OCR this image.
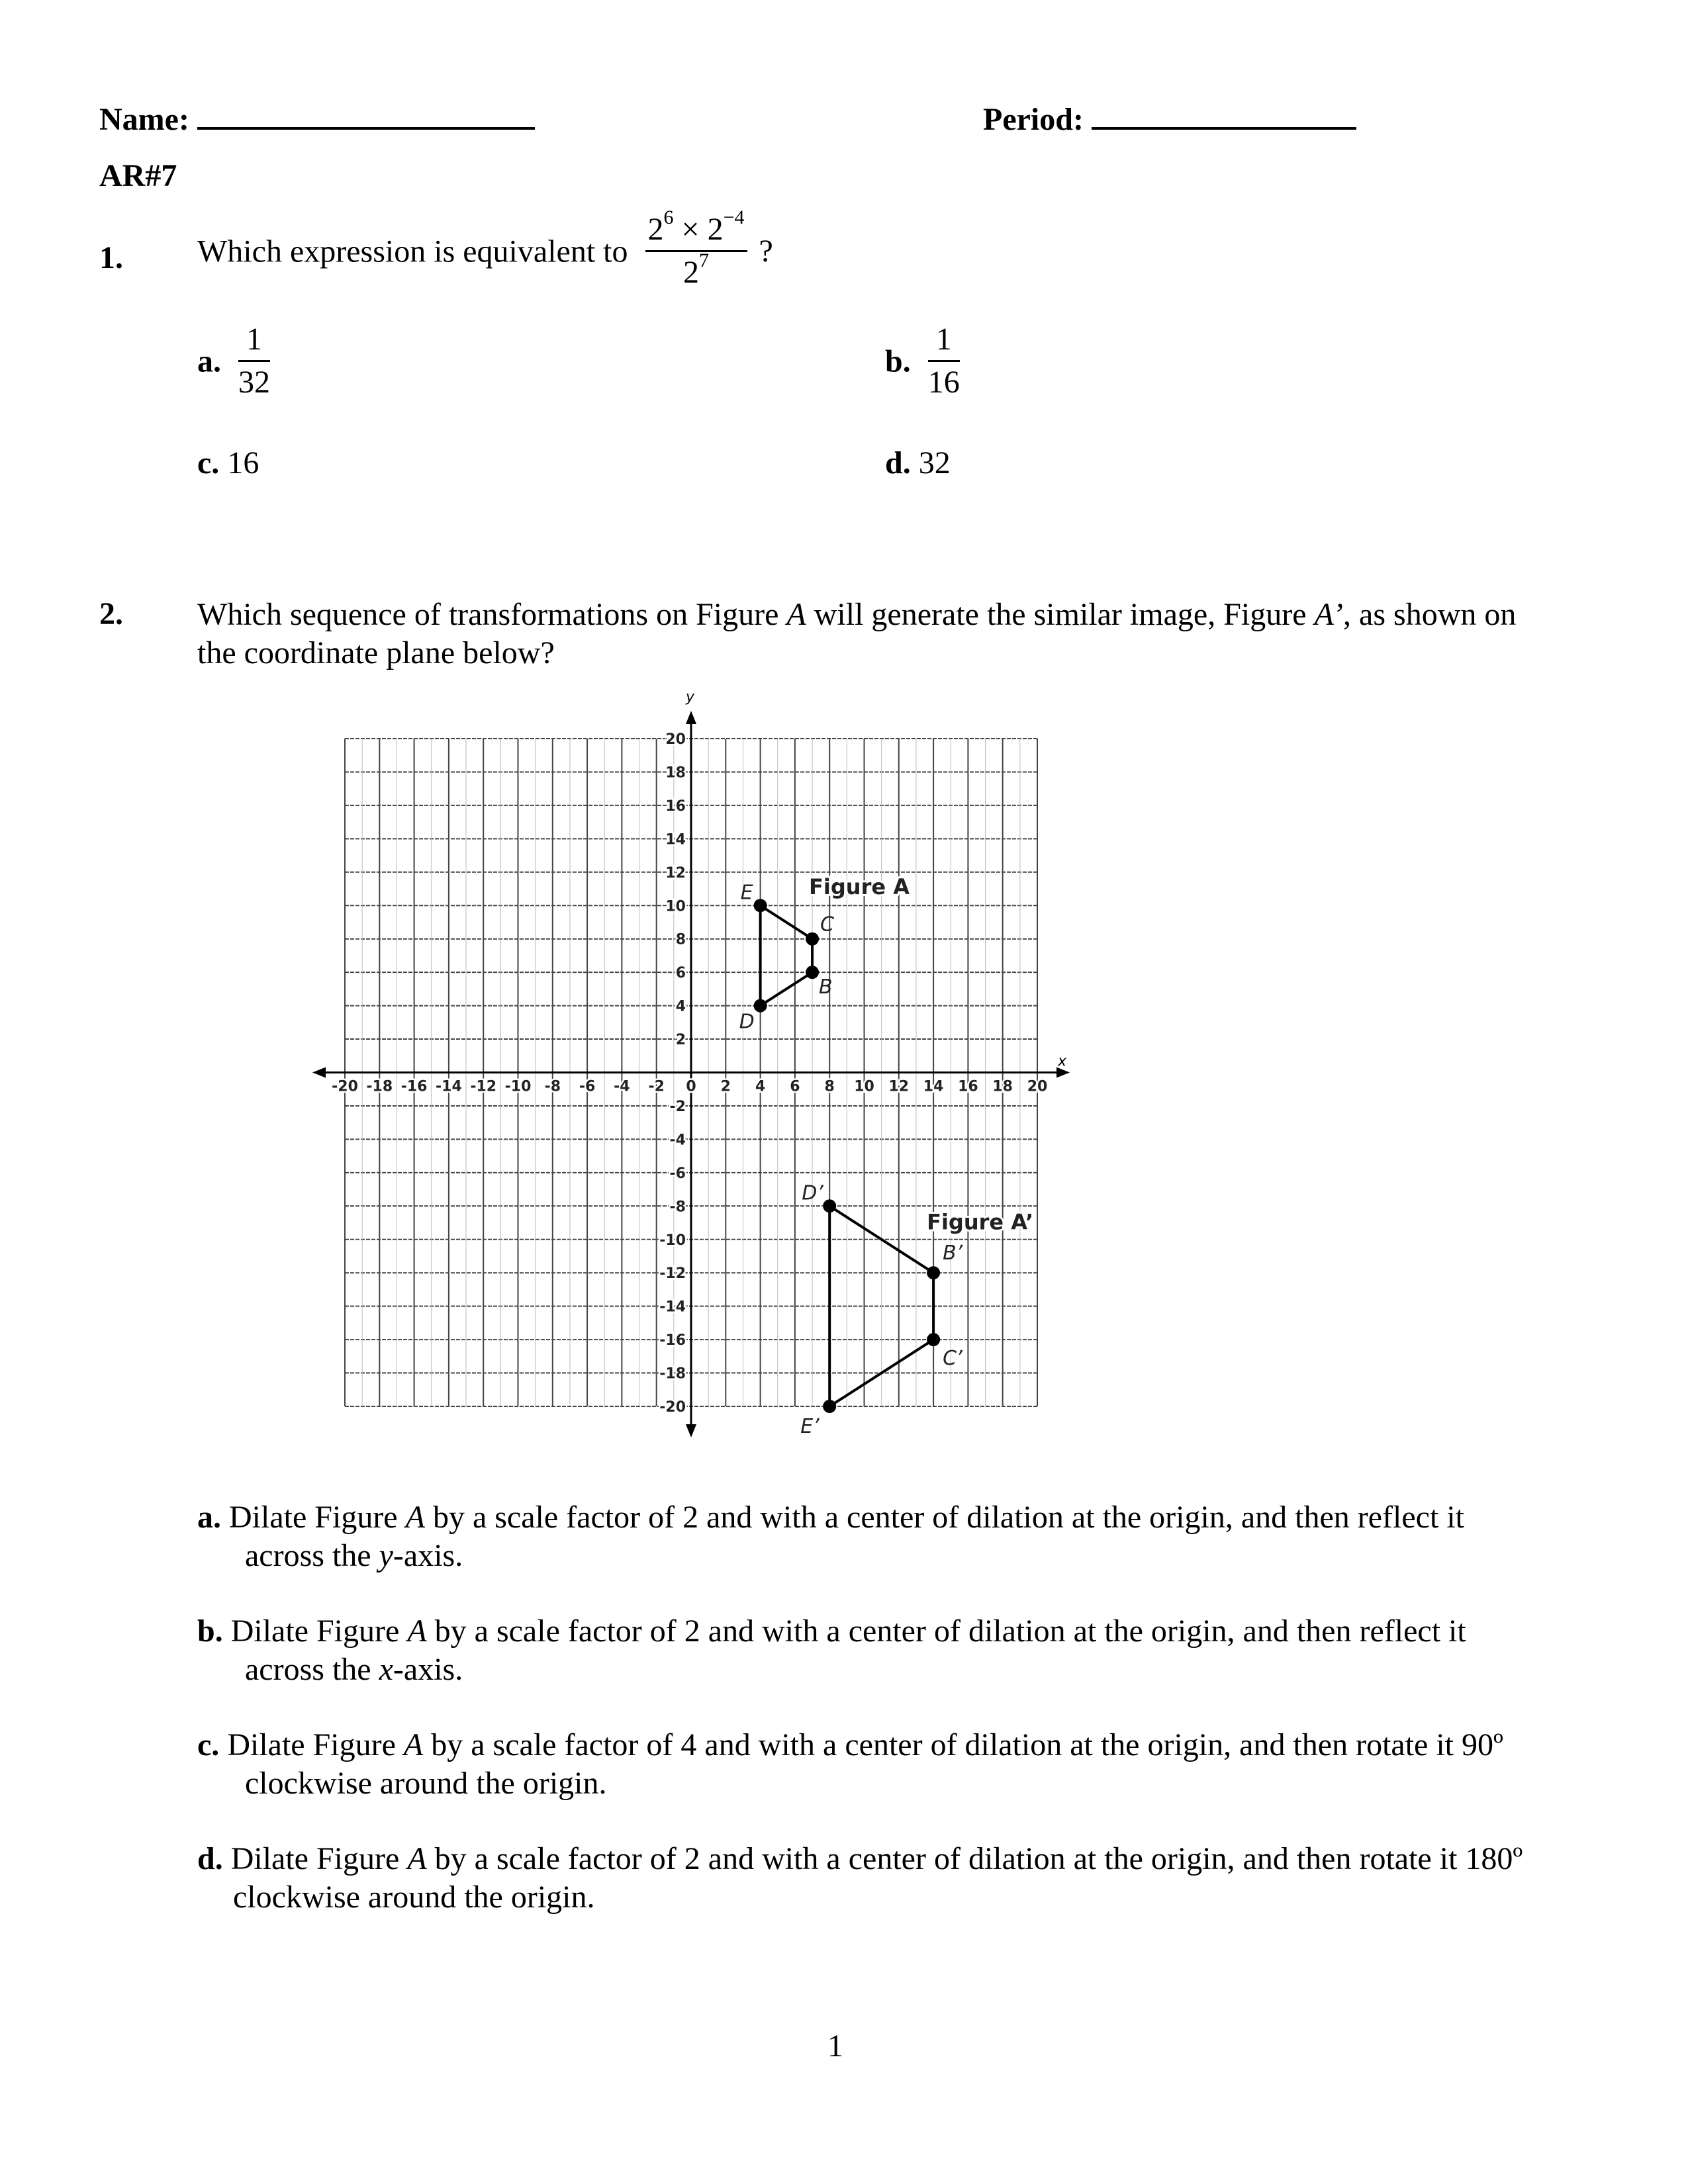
Name:	Period:
AR#7
1. Which expression is equivalent to $\frac{2^6 \times 2^{-4}}{2^7}$ ?
a. $\frac{1}{32}$	b. $\frac{1}{16}$
c. 16	d. 32
2. Which sequence of transformations on Figure A will generate the similar image, Figure A’, as shown on
the coordinate plane below?
x
y
-20 -18 -16 -14 -12 -10 -8 -6 -4 -2 0 2 4 6 8 10 12 14 16 18 20
20
18
16
14
12
10
8
6
4
2
-2
-4
-6
-8
-10
-12
-14
-16
-18
-20
E
C
B
D
Figure A
D’
B’
C’
E’
Figure A’
a. Dilate Figure A by a scale factor of 2 and with a center of dilation at the origin, and then reflect it
across the y-axis.
b. Dilate Figure A by a scale factor of 2 and with a center of dilation at the origin, and then reflect it
across the x-axis.
c. Dilate Figure A by a scale factor of 4 and with a center of dilation at the origin, and then rotate it 90º
clockwise around the origin.
d. Dilate Figure A by a scale factor of 2 and with a center of dilation at the origin, and then rotate it 180º
clockwise around the origin.
1
